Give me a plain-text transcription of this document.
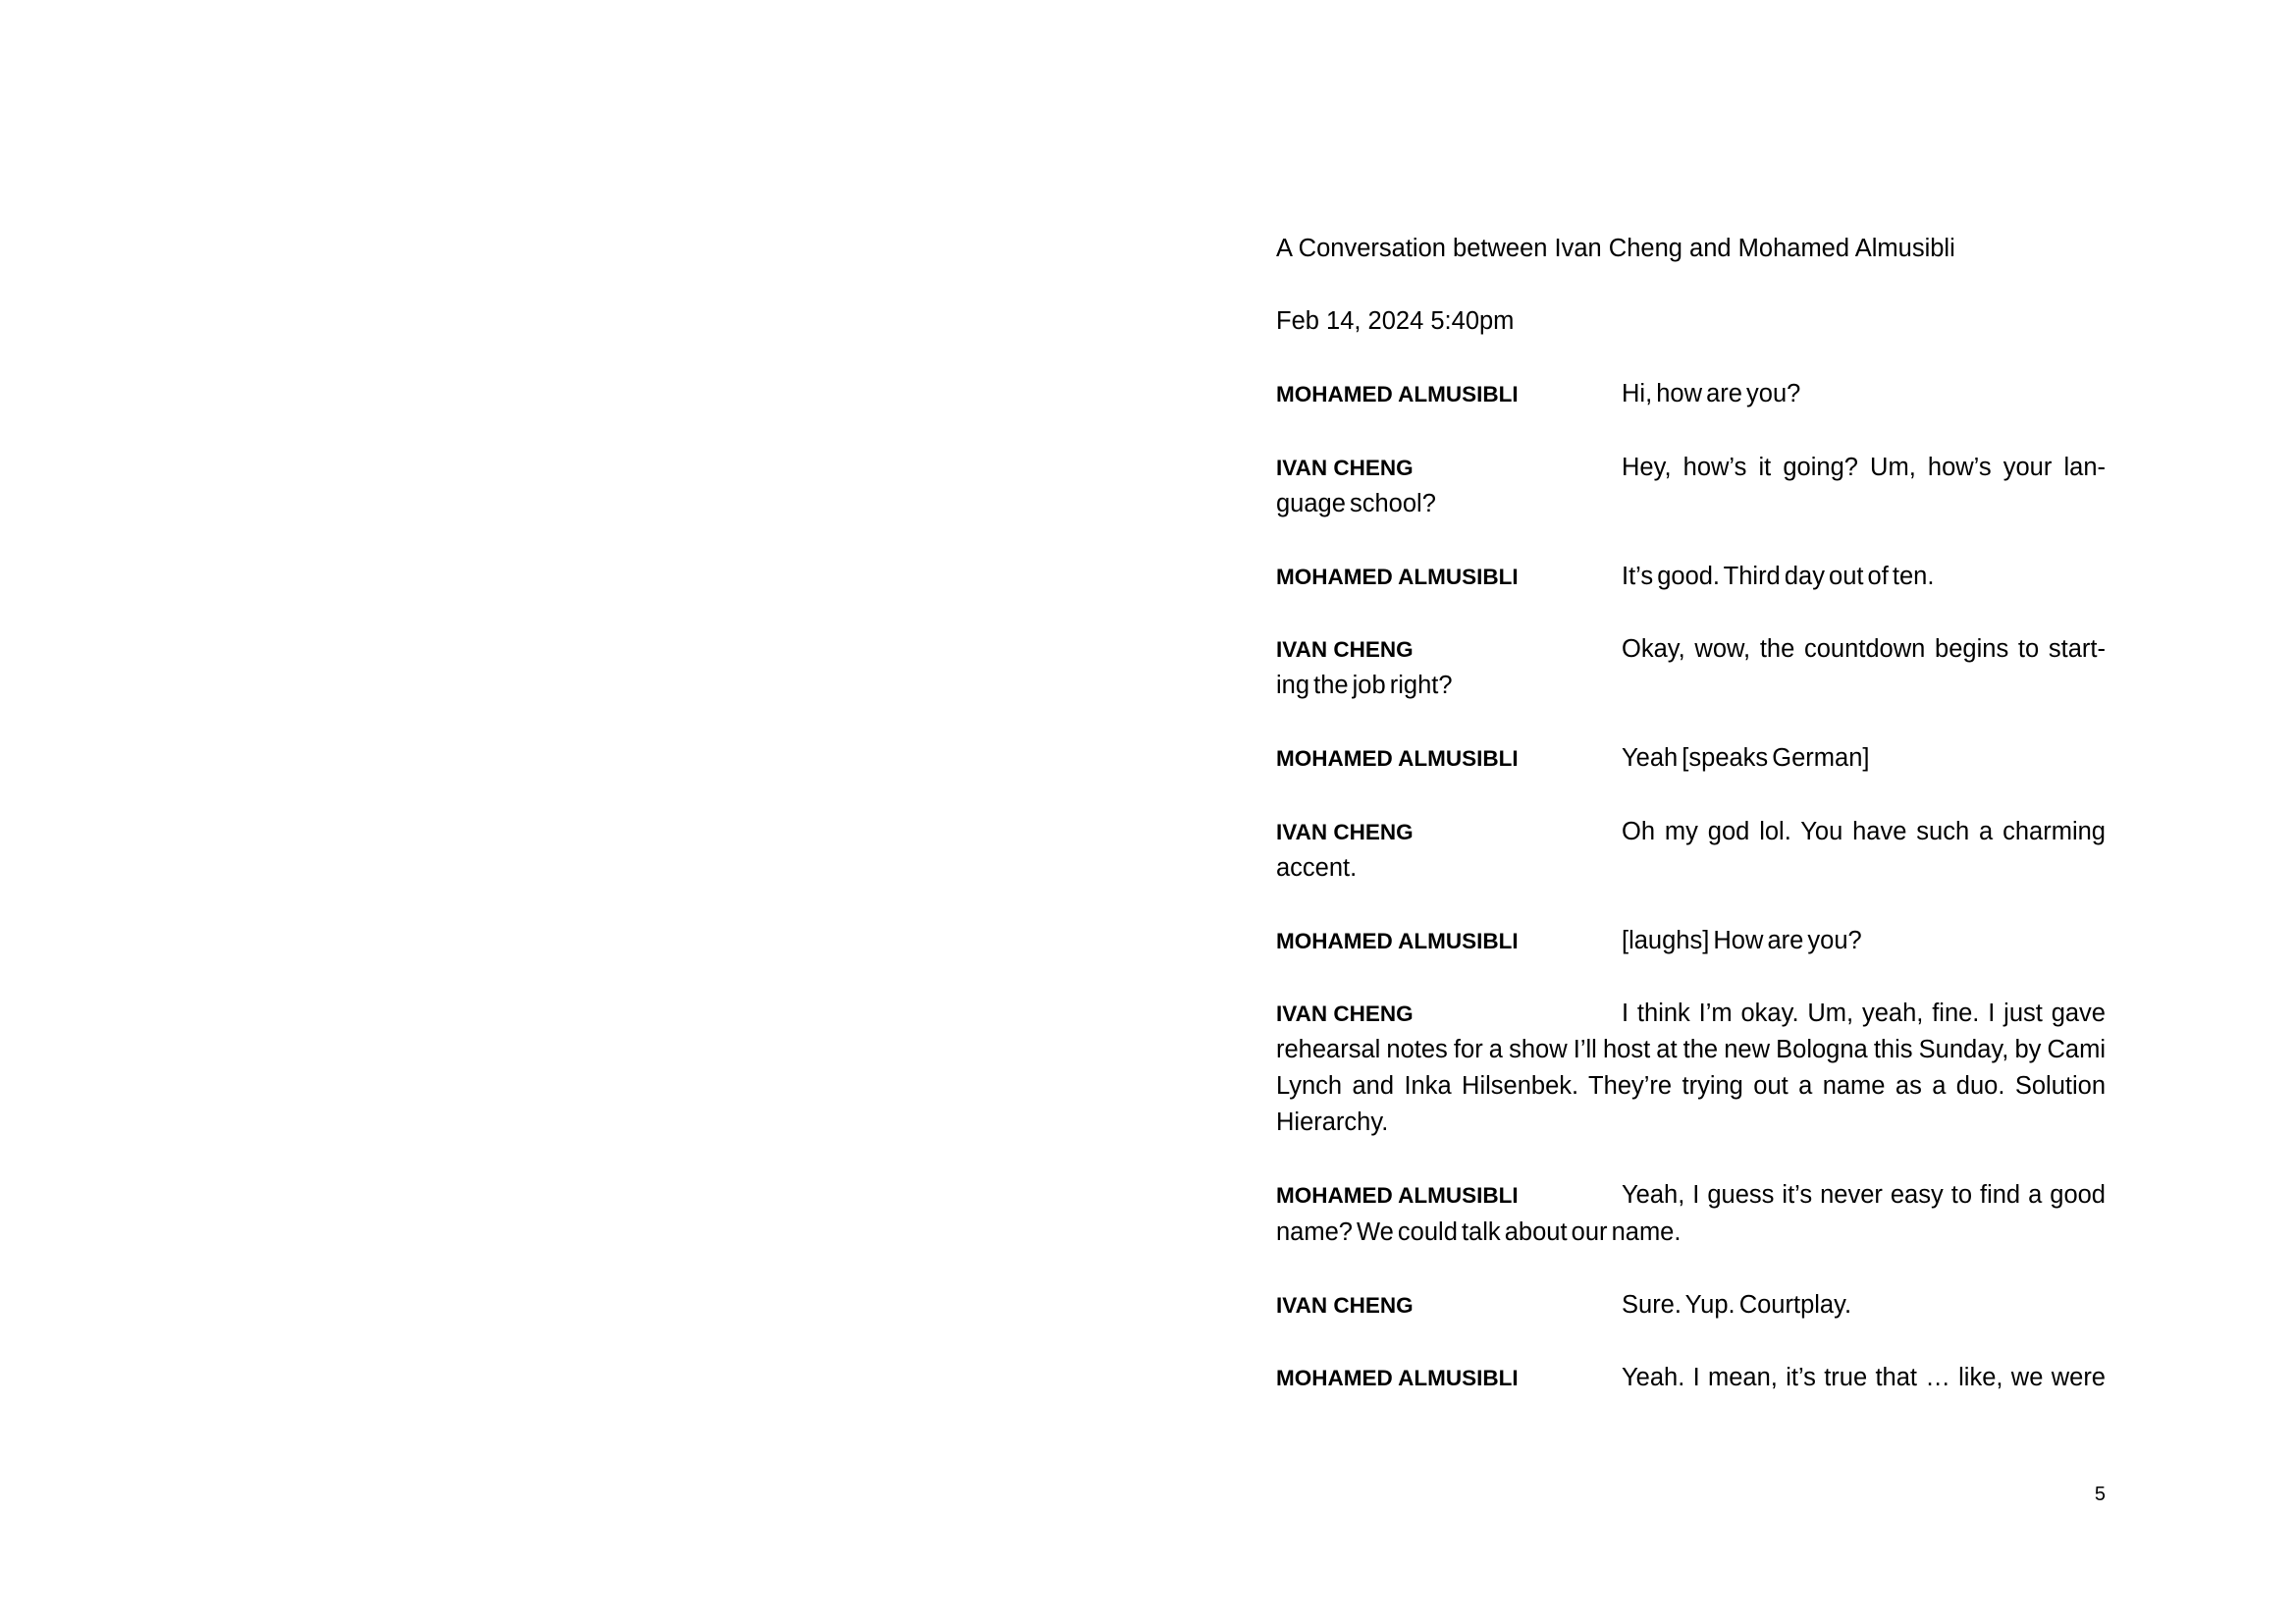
A Conversation between Ivan Cheng and Mohamed Almusibli

Feb 14, 2024 5:40pm

MOHAMED ALMUSIBLI	Hi, how are you?
IVAN CHENG	Hey, how’s it going? Um, how’s your lan-
guage school?
MOHAMED ALMUSIBLI	It’s good. Third day out of ten.
IVAN CHENG	Okay, wow, the countdown begins to start-
ing the job right?
MOHAMED ALMUSIBLI	Yeah [speaks German]
IVAN CHENG	Oh my god lol. You have such a charming
accent.
MOHAMED ALMUSIBLI	[laughs] How are you?
IVAN CHENG	I think I’m okay. Um, yeah, fine. I just gave
rehearsal notes for a show I’ll host at the new Bologna this Sunday, by Cami
Lynch and Inka Hilsenbek. They’re trying out a name as a duo. Solution
Hierarchy.
MOHAMED ALMUSIBLI	Yeah, I guess it’s never easy to find a good
name? We could talk about our name.
IVAN CHENG	Sure. Yup. Courtplay.
MOHAMED ALMUSIBLI	Yeah. I mean, it’s true that … like, we were
5
